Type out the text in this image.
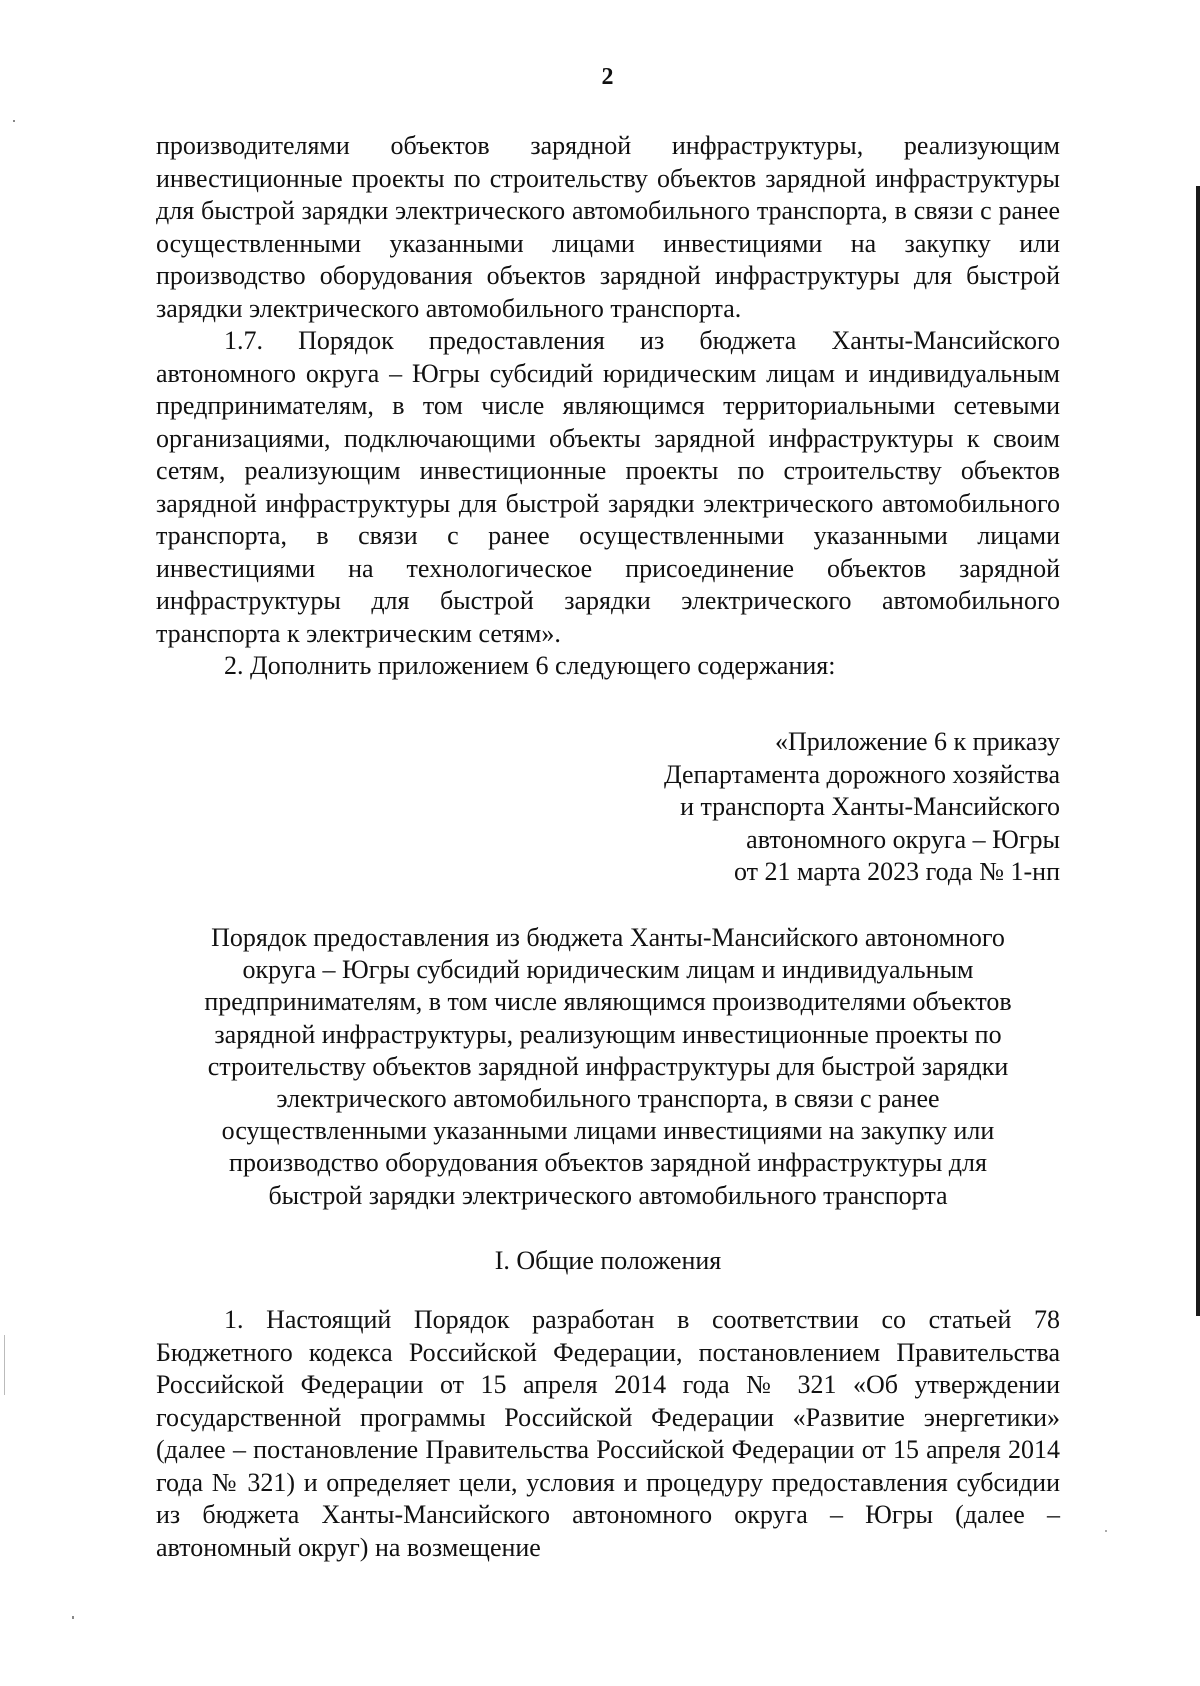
2

производителями объектов зарядной инфраструктуры, реализующим инвестиционные проекты по строительству объектов зарядной инфраструктуры для быстрой зарядки электрического автомобильного транспорта, в связи с ранее осуществленными указанными лицами инвестициями на закупку или производство оборудования объектов зарядной инфраструктуры для быстрой зарядки электрического автомобильного транспорта.

1.7. Порядок предоставления из бюджета Ханты-Мансийского автономного округа – Югры субсидий юридическим лицам и индивидуальным предпринимателям, в том числе являющимся территориальными сетевыми организациями, подключающими объекты зарядной инфраструктуры к своим сетям, реализующим инвестиционные проекты по строительству объектов зарядной инфраструктуры для быстрой зарядки электрического автомобильного транспорта, в связи с ранее осуществленными указанными лицами инвестициями на технологическое присоединение объектов зарядной инфраструктуры для быстрой зарядки электрического автомобильного транспорта к электрическим сетям».

2. Дополнить приложением 6 следующего содержания:

«Приложение 6 к приказу
Департамента дорожного хозяйства
и транспорта Ханты-Мансийского
автономного округа – Югры
от 21 марта 2023 года № 1-нп
Порядок предоставления из бюджета Ханты-Мансийского автономного
округа – Югры субсидий юридическим лицам и индивидуальным
предпринимателям, в том числе являющимся производителями объектов
зарядной инфраструктуры, реализующим инвестиционные проекты по
строительству объектов зарядной инфраструктуры для быстрой зарядки
электрического автомобильного транспорта, в связи с ранее
осуществленными указанными лицами инвестициями на закупку или
производство оборудования объектов зарядной инфраструктуры для
быстрой зарядки электрического автомобильного транспорта
I. Общие положения

1. Настоящий Порядок разработан в соответствии со статьей 78 Бюджетного кодекса Российской Федерации, постановлением Правительства Российской Федерации от 15 апреля 2014 года № 321 «Об утверждении государственной программы Российской Федерации «Развитие энергетики» (далее – постановление Правительства Российской Федерации от 15 апреля 2014 года № 321) и определяет цели, условия и процедуру предоставления субсидии из бюджета Ханты-Мансийского автономного округа – Югры (далее – автономный округ) на возмещение
